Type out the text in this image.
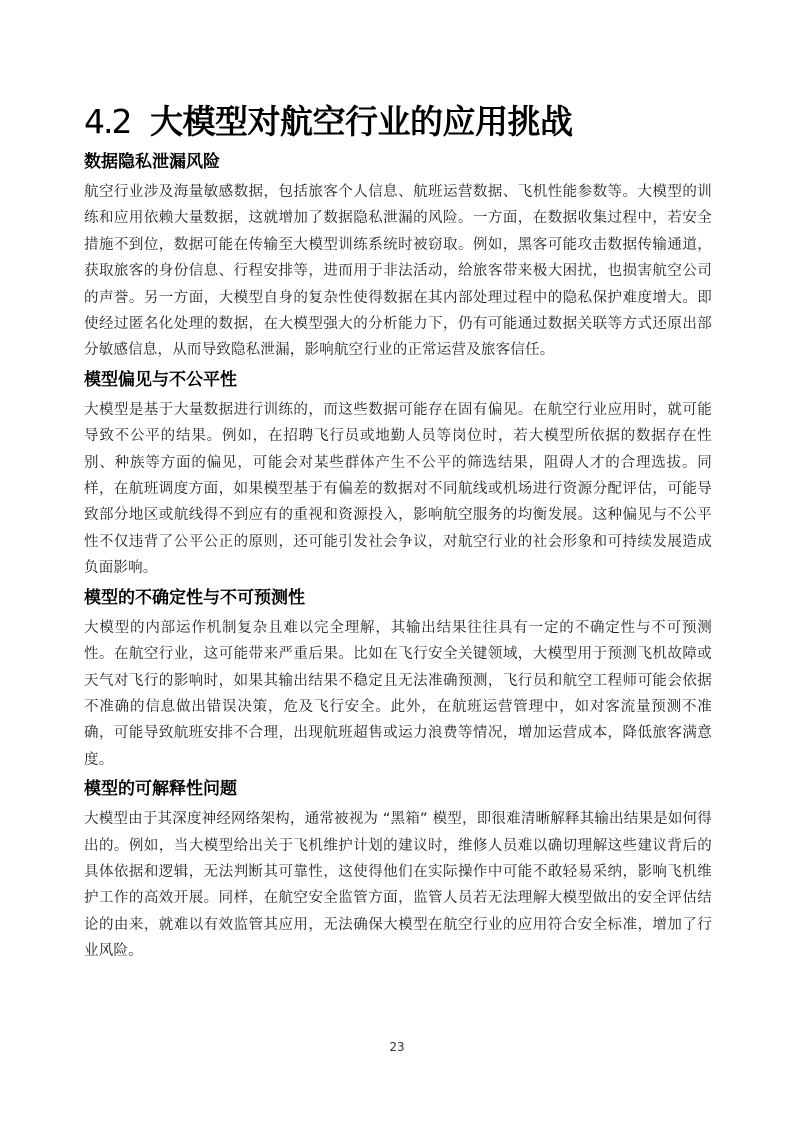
4.2 大模型对航空行业的应用挑战
数据隐私泄漏风险

航空行业涉及海量敏感数据，包括旅客个人信息、航班运营数据、飞机性能参数等。大模型的训练和应用依赖大量数据，这就增加了数据隐私泄漏的风险。一方面，在数据收集过程中，若安全措施不到位，数据可能在传输至大模型训练系统时被窃取。例如，黑客可能攻击数据传输通道，获取旅客的身份信息、行程安排等，进而用于非法活动，给旅客带来极大困扰，也损害航空公司的声誉。另一方面，大模型自身的复杂性使得数据在其内部处理过程中的隐私保护难度增大。即使经过匿名化处理的数据，在大模型强大的分析能力下，仍有可能通过数据关联等方式还原出部分敏感信息，从而导致隐私泄漏，影响航空行业的正常运营及旅客信任。

模型偏见与不公平性

大模型是基于大量数据进行训练的，而这些数据可能存在固有偏见。在航空行业应用时，就可能导致不公平的结果。例如，在招聘飞行员或地勤人员等岗位时，若大模型所依据的数据存在性别、种族等方面的偏见，可能会对某些群体产生不公平的筛选结果，阻碍人才的合理选拔。同样，在航班调度方面，如果模型基于有偏差的数据对不同航线或机场进行资源分配评估，可能导致部分地区或航线得不到应有的重视和资源投入，影响航空服务的均衡发展。这种偏见与不公平性不仅违背了公平公正的原则，还可能引发社会争议，对航空行业的社会形象和可持续发展造成负面影响。

模型的不确定性与不可预测性

大模型的内部运作机制复杂且难以完全理解，其输出结果往往具有一定的不确定性与不可预测性。在航空行业，这可能带来严重后果。比如在飞行安全关键领域，大模型用于预测飞机故障或天气对飞行的影响时，如果其输出结果不稳定且无法准确预测，飞行员和航空工程师可能会依据不准确的信息做出错误决策，危及飞行安全。此外，在航班运营管理中，如对客流量预测不准确，可能导致航班安排不合理，出现航班超售或运力浪费等情况，增加运营成本，降低旅客满意度。

模型的可解释性问题

大模型由于其深度神经网络架构，通常被视为 “黑箱” 模型，即很难清晰解释其输出结果是如何得出的。例如，当大模型给出关于飞机维护计划的建议时，维修人员难以确切理解这些建议背后的具体依据和逻辑，无法判断其可靠性，这使得他们在实际操作中可能不敢轻易采纳，影响飞机维护工作的高效开展。同样，在航空安全监管方面，监管人员若无法理解大模型做出的安全评估结论的由来，就难以有效监管其应用，无法确保大模型在航空行业的应用符合安全标准，增加了行业风险。

23
